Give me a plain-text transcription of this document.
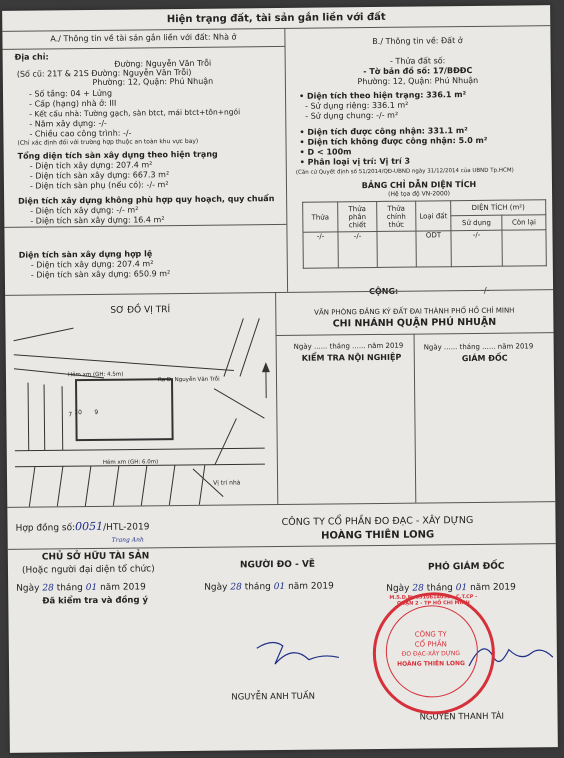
Hiện trạng đất, tài sản gắn liền với đất
A./ Thông tin về tài sản gắn liền với đất: Nhà ở	B./ Thông tin về: Đất ở
Địa chỉ:
Đường: Nguyễn Văn Trỗi
(Số cũ: 21T & 21S Đường: Nguyễn Văn Trỗi)
Phường: 12, Quận: Phú Nhuận
- Số tầng: 04 + Lửng
- Cấp (hạng) nhà ở: III
- Kết cấu nhà: Tường gạch, sàn btct, mái btct+tôn+ngói
- Năm xây dựng: -/-
- Chiều cao công trình: -/-
(Chỉ xác định đối với trường hợp thuộc an toàn khu vực bay)
Tổng diện tích sàn xây dựng theo hiện trạng
- Diện tích xây dựng: 207.4 m²
- Diện tích sàn xây dựng: 667.3 m²
- Diện tích sàn phụ (nếu có): -/- m²
Diện tích xây dựng không phù hợp quy hoạch, quy chuẩn
- Diện tích xây dựng: -/- m²
- Diện tích sàn xây dựng: 16.4 m²
Diện tích sàn xây dựng hợp lệ
- Diện tích xây dựng: 207.4 m²
- Diện tích sàn xây dựng: 650.9 m²
- Thửa đất số:
- Tờ bản đồ số: 17/BĐĐC
Phường: 12, Quận: Phú Nhuận
• Diện tích theo hiện trạng: 336.1 m²
- Sử dụng riêng: 336.1 m²
- Sử dụng chung: -/- m²
• Diện tích được công nhận: 331.1 m²
• Diện tích không được công nhận: 5.0 m²
• D < 100m
• Phân loại vị trí: Vị trí 3
(Căn cứ Quyết định số 51/2014/QĐ-UBND ngày 31/12/2014 của UBND Tp.HCM)
BẢNG CHỈ DẪN DIỆN TÍCH
(Hệ tọa độ VN-2000)
Thửa	Thửa phân chiết	Thửa chính thức	Loại đất	DIỆN TÍCH (m²)	
				Sử dụng	Còn lại
-/-	-/-		ODT	-/-	
SƠ ĐỒ VỊ TRÍ
Hẻm xm (GH: 4.5m)
Ra Đ. Nguyễn Văn Trỗi
Hẻm xm (GH: 6.0m)
7 10 9
Vị trí nhà
VĂN PHÒNG ĐĂNG KÝ ĐẤT ĐAI THÀNH PHỐ HỒ CHÍ MINH
CHI NHÁNH QUẬN PHÚ NHUẬN
Ngày ...... tháng ...... năm 2019	Ngày ...... tháng ...... năm 2019
KIỂM TRA NỘI NGHIỆP	GIÁM ĐỐC
Hợp đồng số:0051/HTL-2019
Trang Anh
CÔNG TY CỔ PHẦN ĐO ĐẠC - XÂY DỰNG
HOÀNG THIÊN LONG
CHỦ SỞ HỮU TÀI SẢN
(Hoặc người đại diện tổ chức)
Ngày 28 tháng 01 năm 2019
Đã kiểm tra và đồng ý
NGƯỜI ĐO - VẼ
Ngày 28 tháng 01 năm 2019
NGUYỄN ANH TUẤN
PHÓ GIÁM ĐỐC
Ngày 28 tháng 01 năm 2019
NGUYỄN THANH TÀI
M.S.D.N: 0310614056 - C.T.CP - QUẬN 2 - TP HỒ CHÍ MINH
CÔNG TY
CỔ PHẦN
ĐO ĐẠC-XÂY DỰNG
HOÀNG THIÊN LONG
